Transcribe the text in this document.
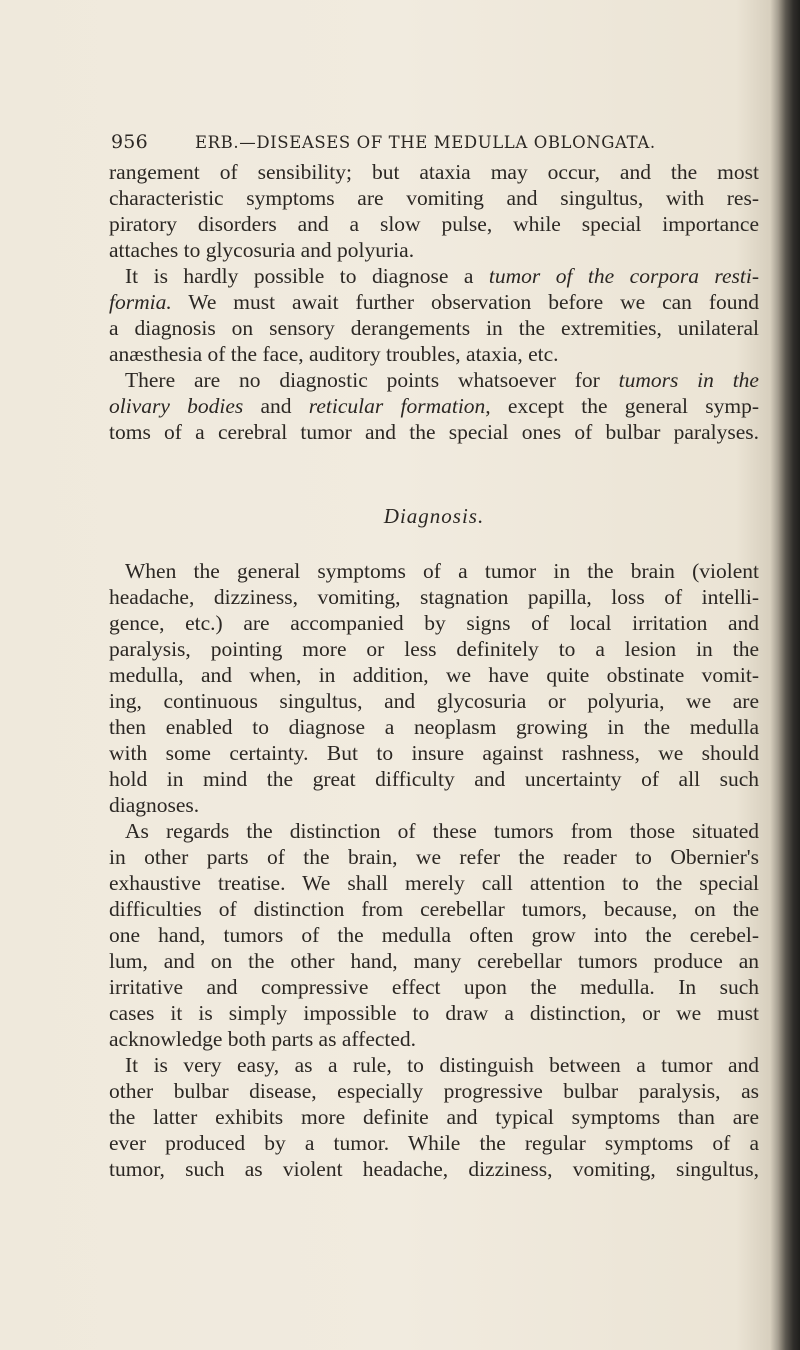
956	ERB.—DISEASES OF THE MEDULLA OBLONGATA.
rangement of sensibility; but ataxia may occur, and the most
characteristic symptoms are vomiting and singultus, with res-
piratory disorders and a slow pulse, while special importance
attaches to glycosuria and polyuria.
It is hardly possible to diagnose a tumor of the corpora resti-
formia. We must await further observation before we can found
a diagnosis on sensory derangements in the extremities, unilateral
anæsthesia of the face, auditory troubles, ataxia, etc.
There are no diagnostic points whatsoever for tumors in the
olivary bodies and reticular formation, except the general symp-
toms of a cerebral tumor and the special ones of bulbar paralyses.
Diagnosis.
When the general symptoms of a tumor in the brain (violent
headache, dizziness, vomiting, stagnation papilla, loss of intelli-
gence, etc.) are accompanied by signs of local irritation and
paralysis, pointing more or less definitely to a lesion in the
medulla, and when, in addition, we have quite obstinate vomit-
ing, continuous singultus, and glycosuria or polyuria, we are
then enabled to diagnose a neoplasm growing in the medulla
with some certainty. But to insure against rashness, we should
hold in mind the great difficulty and uncertainty of all such
diagnoses.
As regards the distinction of these tumors from those situated
in other parts of the brain, we refer the reader to Obernier's
exhaustive treatise. We shall merely call attention to the special
difficulties of distinction from cerebellar tumors, because, on the
one hand, tumors of the medulla often grow into the cerebel-
lum, and on the other hand, many cerebellar tumors produce an
irritative and compressive effect upon the medulla. In such
cases it is simply impossible to draw a distinction, or we must
acknowledge both parts as affected.
It is very easy, as a rule, to distinguish between a tumor and
other bulbar disease, especially progressive bulbar paralysis, as
the latter exhibits more definite and typical symptoms than are
ever produced by a tumor. While the regular symptoms of a
tumor, such as violent headache, dizziness, vomiting, singultus,
